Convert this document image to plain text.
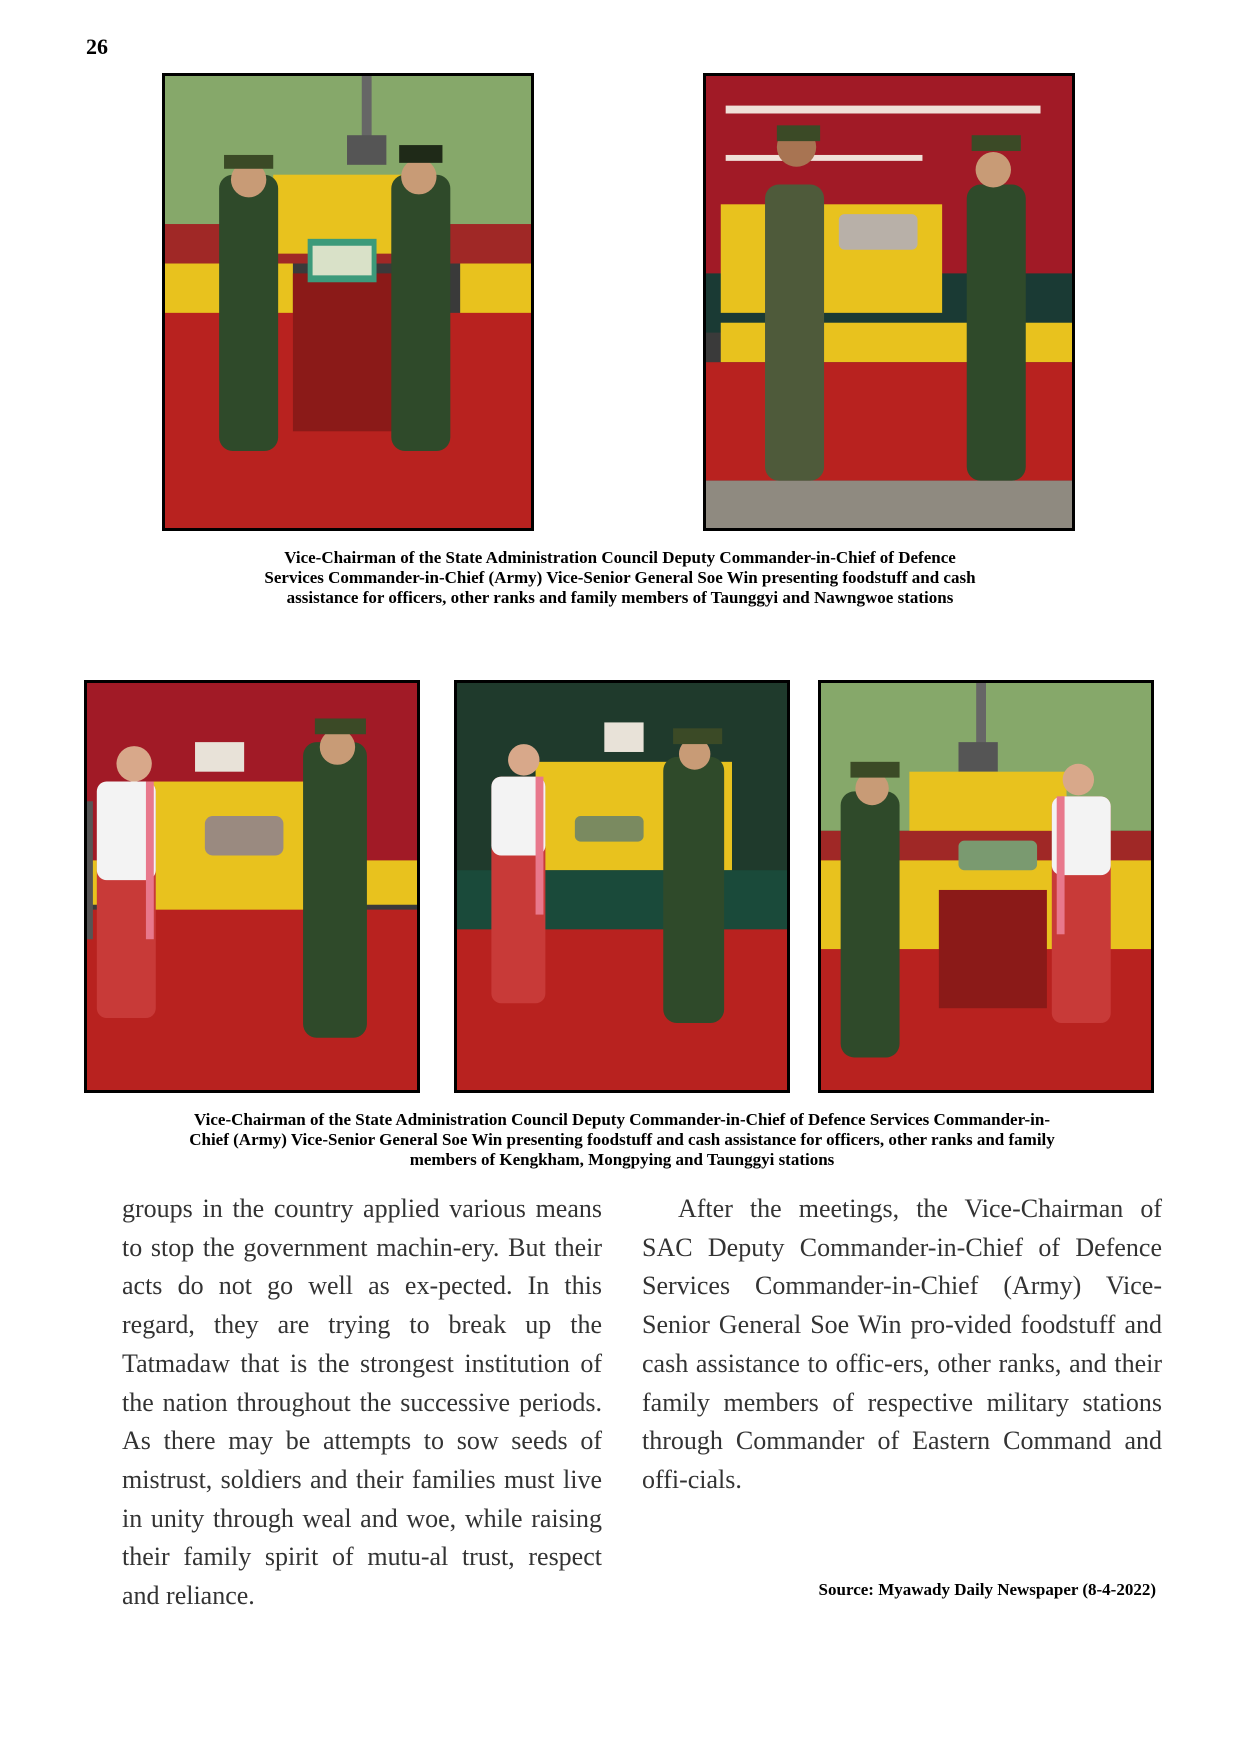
26
Vice-Chairman of the State Administration Council Deputy Commander-in-Chief of Defence
Services Commander-in-Chief (Army) Vice-Senior General Soe Win presenting foodstuff and cash
assistance for officers, other ranks and family members of Taunggyi and Nawngwoe stations
Vice-Chairman of the State Administration Council Deputy Commander-in-Chief of Defence Services Commander-in-
Chief (Army) Vice-Senior General Soe Win presenting foodstuff and cash assistance for officers, other ranks and family
members of Kengkham, Mongpying and Taunggyi stations
groups in the country applied various means to stop the government machin-ery. But their acts do not go well as ex-pected. In this regard, they are trying to break up the Tatmadaw that is the strongest institution of the nation throughout the successive periods. As there may be attempts to sow seeds of mistrust, soldiers and their families must live in unity through weal and woe, while raising their family spirit of mutu-al trust, respect and reliance.
After the meetings, the Vice-Chairman of SAC Deputy Commander-in-Chief of Defence Services Commander-in-Chief (Army) Vice-Senior General Soe Win pro-vided foodstuff and cash assistance to offic-ers, other ranks, and their family members of respective military stations through Commander of Eastern Command and offi-cials.
Source: Myawady Daily Newspaper (8-4-2022)
